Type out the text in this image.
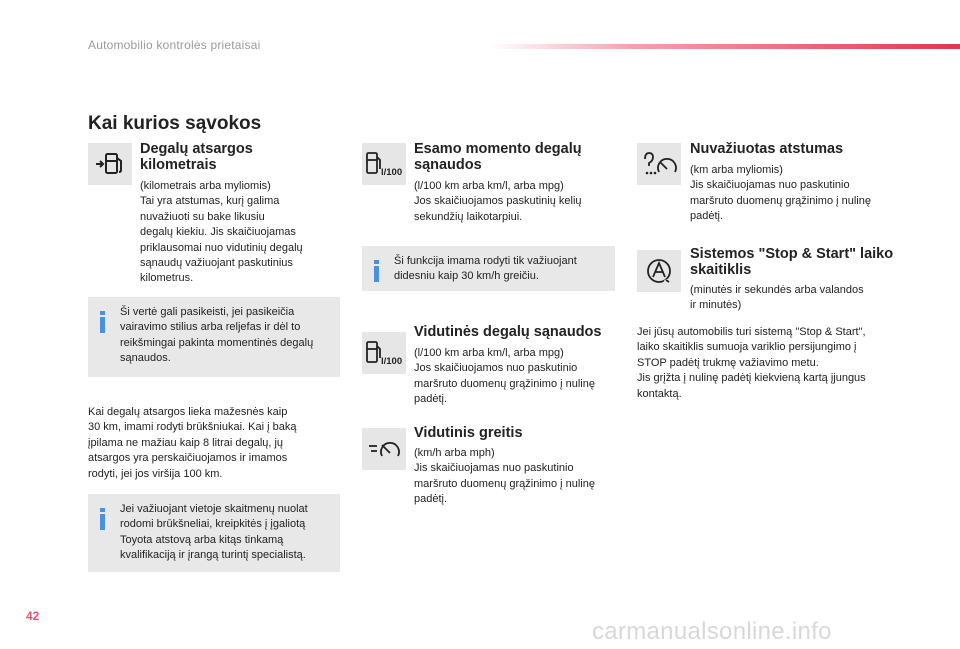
Automobilio kontrolės prietaisai
Kai kurios sąvokos
Degalų atsargos kilometrais
(kilometrais arba myliomis)
Tai yra atstumas, kurį galima
nuvažiuoti su bake likusiu
degalų kiekiu. Jis skaičiuojamas
priklausomai nuo vidutinių degalų
sąnaudų važiuojant paskutinius
kilometrus.
Ši vertė gali pasikeisti, jei pasikeičia
vairavimo stilius arba reljefas ir dėl to
reikšmingai pakinta momentinės degalų
sąnaudos.
Kai degalų atsargos lieka mažesnės kaip
30 km, imami rodyti brūkšniukai. Kai į baką
įpilama ne mažiau kaip 8 litrai degalų, jų
atsargos yra perskaičiuojamos ir imamos
rodyti, jei jos viršija 100 km.
Jei važiuojant vietoje skaitmenų nuolat
rodomi brūkšneliai, kreipkitės į įgaliotą
Toyota atstovą arba kitąs tinkamą
kvalifikaciją ir įrangą turintį specialistą.
l/100
Esamo momento degalų sąnaudos
(l/100 km arba km/l, arba mpg)
Jos skaičiuojamos paskutinių kelių
sekundžių laikotarpiui.
Ši funkcija imama rodyti tik važiuojant
didesniu kaip 30 km/h greičiu.
l/100
Vidutinės degalų sąnaudos
(l/100 km arba km/l, arba mpg)
Jos skaičiuojamos nuo paskutinio
maršruto duomenų grąžinimo į nulinę
padėtį.
Vidutinis greitis
(km/h arba mph)
Jis skaičiuojamas nuo paskutinio
maršruto duomenų grąžinimo į nulinę
padėtį.
Nuvažiuotas atstumas
(km arba myliomis)
Jis skaičiuojamas nuo paskutinio
maršruto duomenų grąžinimo į nulinę
padėtį.
Sistemos "Stop & Start" laiko skaitiklis
(minutės ir sekundės arba valandos
ir minutės)
Jei jūsų automobilis turi sistemą "Stop & Start",
laiko skaitiklis sumuoja variklio persijungimo į
STOP padėtį trukmę važiavimo metu.
Jis grįžta į nulinę padėtį kiekvieną kartą įjungus
kontaktą.
42
carmanualsonline.info
